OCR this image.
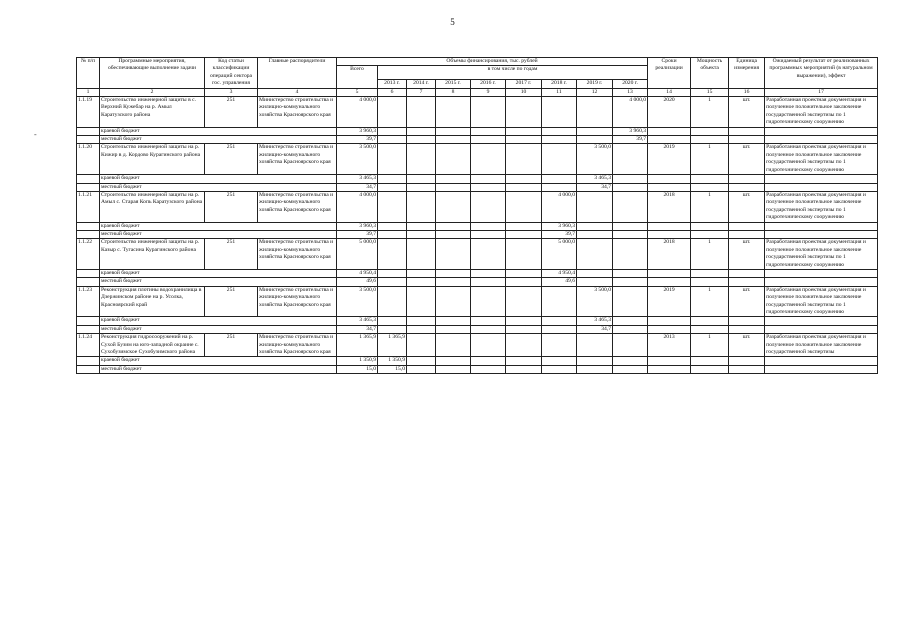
5
-
№ п/п	Программные мероприятия, обеспечивающие выполнение задачи	Код статьи классификации операций сектора гос. управления	Главные распорядители	Объемы финансирования, тыс. рублей									Сроки реализации	Мощность объекта	Единица измерения	Ожидаемый результат от реализованных программных мероприятий (в натуральном выражении), эффект
				Всего	в том числе по годам											
					2013 г.	2014 г.	2015 г.	2016 г.	2017 г.	2018 г.	2019 г.	2020 г.				
1	2	3	4	5	6	7	8	9	10	11	12	13	14	15	16	17
1.1.19	Строительство инженерной защиты в с. Верхний Кужебар на р. Амыл Каратузского района	251	Министерство строительства и жилищно-коммунального хозяйства Красноярского края	4 000,0								4 000,0	2020	1	шт.	Разработанная проектная документация и полученное положительное заключение государственной экспертизы по 1 гидротехническому сооружению
	краевой бюджет			3 960,3								3 960,3				
	местный бюджет			39,7								39,7				
1.1.20	Строительство инженерной защиты на р. Кижир в д. Кордово Курагинского района	251	Министерство строительства и жилищно-коммунального хозяйства Красноярского края	3 500,0							3 500,0		2019	1	шт.	Разработанная проектная документация и полученное положительное заключение государственной экспертизы по 1 гидротехническому сооружению
	краевой бюджет			3 465,3							3 465,3					
	местный бюджет			34,7							34,7					
1.1.21	Строительство инженерной защиты на р. Амыл с. Старая Копь Каратузского района	251	Министерство строительства и жилищно-коммунального хозяйства Красноярского края	4 000,0						4 000,0			2018	1	шт.	Разработанная проектная документация и полученное положительное заключение государственной экспертизы по 1 гидротехническому сооружению
	краевой бюджет			3 960,3						3 960,3						
	местный бюджет			39,7						39,7						
1.1.22	Строительство инженерной защиты на р. Казыр с. Тугасина Курагинского района	251	Министерство строительства и жилищно-коммунального хозяйства Красноярского края	5 000,0						5 000,0			2018	1	шт.	Разработанная проектная документация и полученное положительное заключение государственной экспертизы по 1 гидротехническому сооружению
	краевой бюджет			4 950,4						4 950,4						
	местный бюджет			49,6						49,6						
1.1.23	Реконструкция плотины водохранилища в Дзержинском районе на р. Усолка, Красноярский край	251	Министерство строительства и жилищно-коммунального хозяйства Красноярского края	3 500,0							3 500,0		2019	1	шт.	Разработанная проектная документация и полученное положительное заключение государственной экспертизы по 1 гидротехническому сооружению
	краевой бюджет			3 465,3							3 465,3					
	местный бюджет			34,7							34,7					
1.1.24	Реконструкция гидросооружений на р. Сухой Бузим на юго-западной окраине с. Сухобузимское Сухобузимского района	251	Министерство строительства и жилищно-коммунального хозяйства Красноярского края	1 365,9	1 365,9								2013	1	шт.	Разработанная проектная документация и полученное положительное заключение государственной экспертизы
	краевой бюджет			1 350,9	1 350,9											
	местный бюджет			15,0	15,0											
